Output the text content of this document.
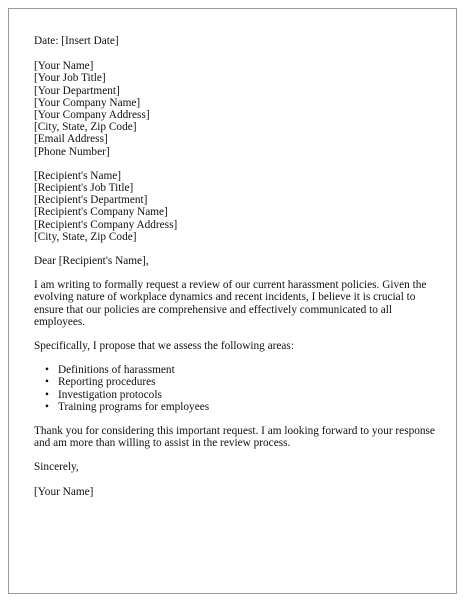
Date: [Insert Date]
[Your Name]
[Your Job Title]
[Your Department]
[Your Company Name]
[Your Company Address]
[City, State, Zip Code]
[Email Address]
[Phone Number]
[Recipient's Name]
[Recipient's Job Title]
[Recipient's Department]
[Recipient's Company Name]
[Recipient's Company Address]
[City, State, Zip Code]

Dear [Recipient's Name],

I am writing to formally request a review of our current harassment policies. Given the evolving nature of workplace dynamics and recent incidents, I believe it is crucial to ensure that our policies are comprehensive and effectively communicated to all employees.

Specifically, I propose that we assess the following areas:

• Definitions of harassment
• Reporting procedures
• Investigation protocols
• Training programs for employees

Thank you for considering this important request. I am looking forward to your response and am more than willing to assist in the review process.

Sincerely,

[Your Name]
